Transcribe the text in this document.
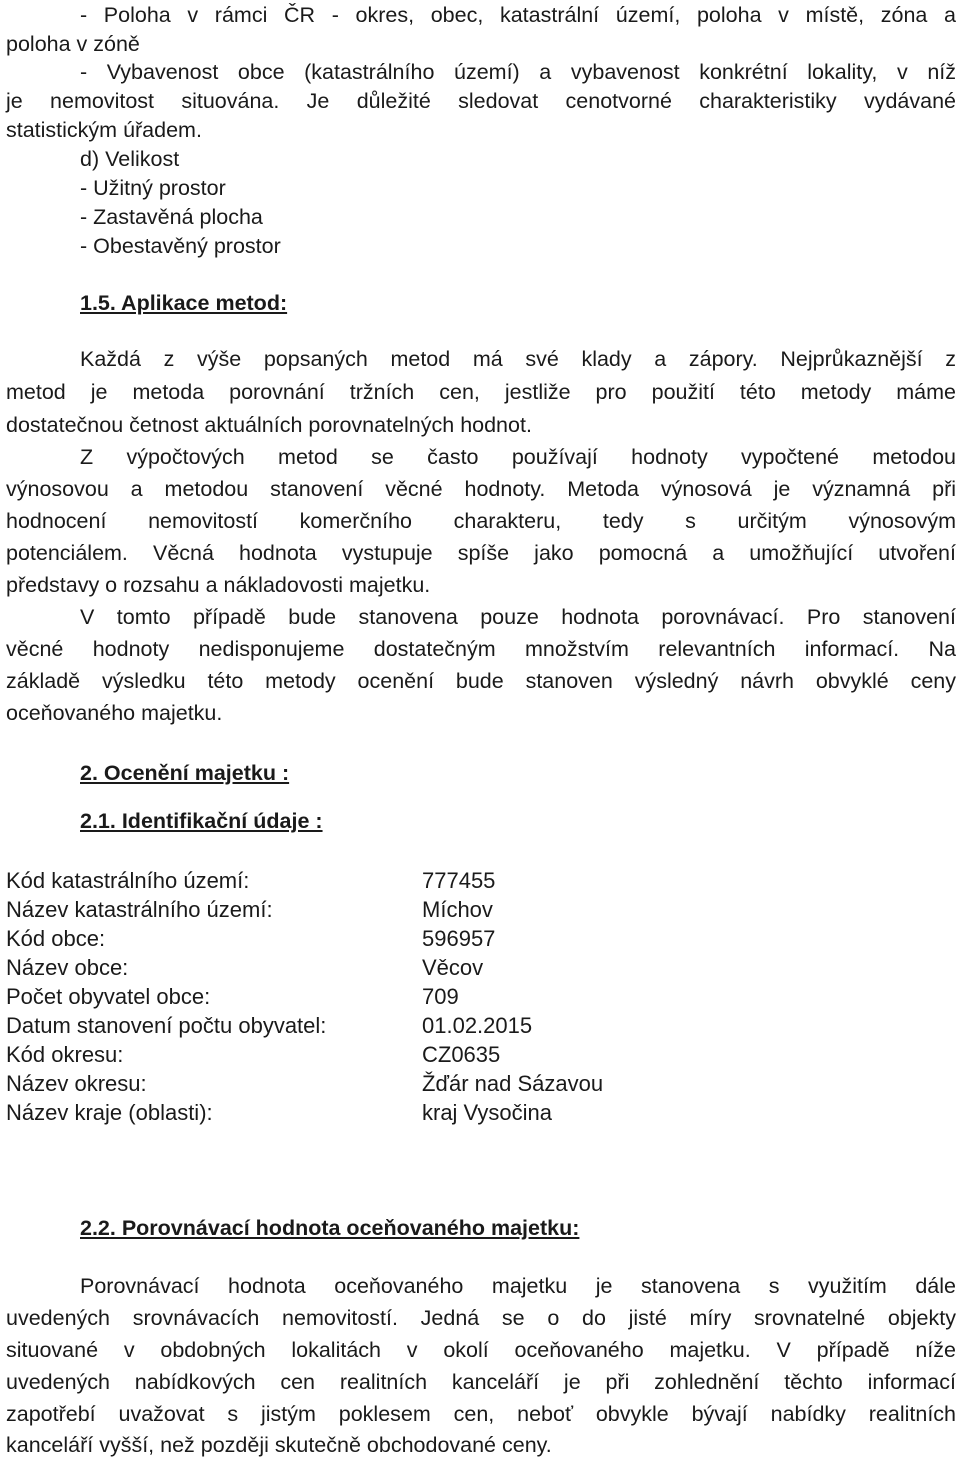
- Poloha v rámci ČR - okres, obec, katastrální území, poloha v místě, zóna a
poloha v zóně
- Vybavenost obce (katastrálního území) a vybavenost konkrétní lokality, v níž
je nemovitost situována. Je důležité sledovat cenotvorné charakteristiky vydávané
statistickým úřadem.
d) Velikost
- Užitný prostor
- Zastavěná plocha
- Obestavěný prostor
1.5. Aplikace metod:
Každá z výše popsaných metod má své klady a zápory. Nejprůkaznější z
metod je metoda porovnání tržních cen, jestliže pro použití této metody máme
dostatečnou četnost aktuálních porovnatelných hodnot.
Z výpočtových metod se často používají hodnoty vypočtené metodou
výnosovou a metodou stanovení věcné hodnoty. Metoda výnosová je významná při
hodnocení nemovitostí komerčního charakteru, tedy s určitým výnosovým
potenciálem. Věcná hodnota vystupuje spíše jako pomocná a umožňující utvoření
představy o rozsahu a nákladovosti majetku.
V tomto případě bude stanovena pouze hodnota porovnávací. Pro stanovení
věcné hodnoty nedisponujeme dostatečným množstvím relevantních informací. Na
základě výsledku této metody ocenění bude stanoven výsledný návrh obvyklé ceny
oceňovaného majetku.
2. Ocenění majetku :
2.1. Identifikační údaje :
Kód katastrálního území:	777455
Název katastrálního území:	Míchov
Kód obce:	596957
Název obce:	Věcov
Počet obyvatel obce:	709
Datum stanovení počtu obyvatel:	01.02.2015
Kód okresu:	CZ0635
Název okresu:	Žďár nad Sázavou
Název kraje (oblasti):	kraj Vysočina
2.2. Porovnávací hodnota oceňovaného majetku:
Porovnávací hodnota oceňovaného majetku je stanovena s využitím dále
uvedených srovnávacích nemovitostí. Jedná se o do jisté míry srovnatelné objekty
situované v obdobných lokalitách v okolí oceňovaného majetku. V případě níže
uvedených nabídkových cen realitních kanceláří je při zohlednění těchto informací
zapotřebí uvažovat s jistým poklesem cen, neboť obvykle bývají nabídky realitních
kanceláří vyšší, než později skutečně obchodované ceny.
